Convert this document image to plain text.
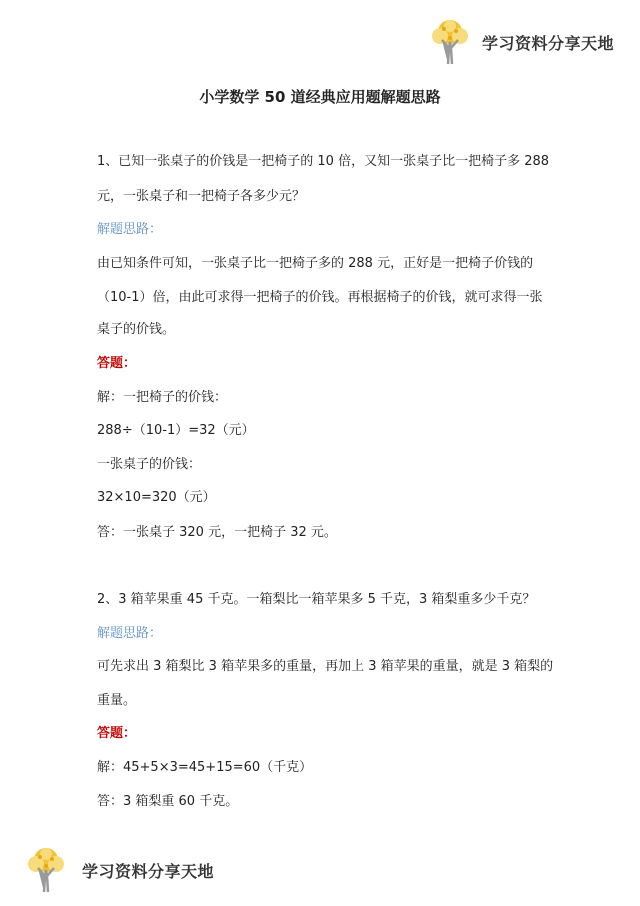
学习资料分享天地
小学数学 50 道经典应用题解题思路
1、已知一张桌子的价钱是一把椅子的 10 倍，又知一张桌子比一把椅子多 288
元，一张桌子和一把椅子各多少元？
解题思路：
由已知条件可知，一张桌子比一把椅子多的 288 元，正好是一把椅子价钱的
（10-1）倍，由此可求得一把椅子的价钱。再根据椅子的价钱，就可求得一张
桌子的价钱。
答题：
解：一把椅子的价钱：
288÷（10-1）=32（元）
一张桌子的价钱：
32×10=320（元）
答：一张桌子 320 元，一把椅子 32 元。
2、3 箱苹果重 45 千克。一箱梨比一箱苹果多 5 千克，3 箱梨重多少千克？
解题思路：
可先求出 3 箱梨比 3 箱苹果多的重量，再加上 3 箱苹果的重量，就是 3 箱梨的
重量。
答题：
解：45+5×3=45+15=60（千克）
答：3 箱梨重 60 千克。
学习资料分享天地
